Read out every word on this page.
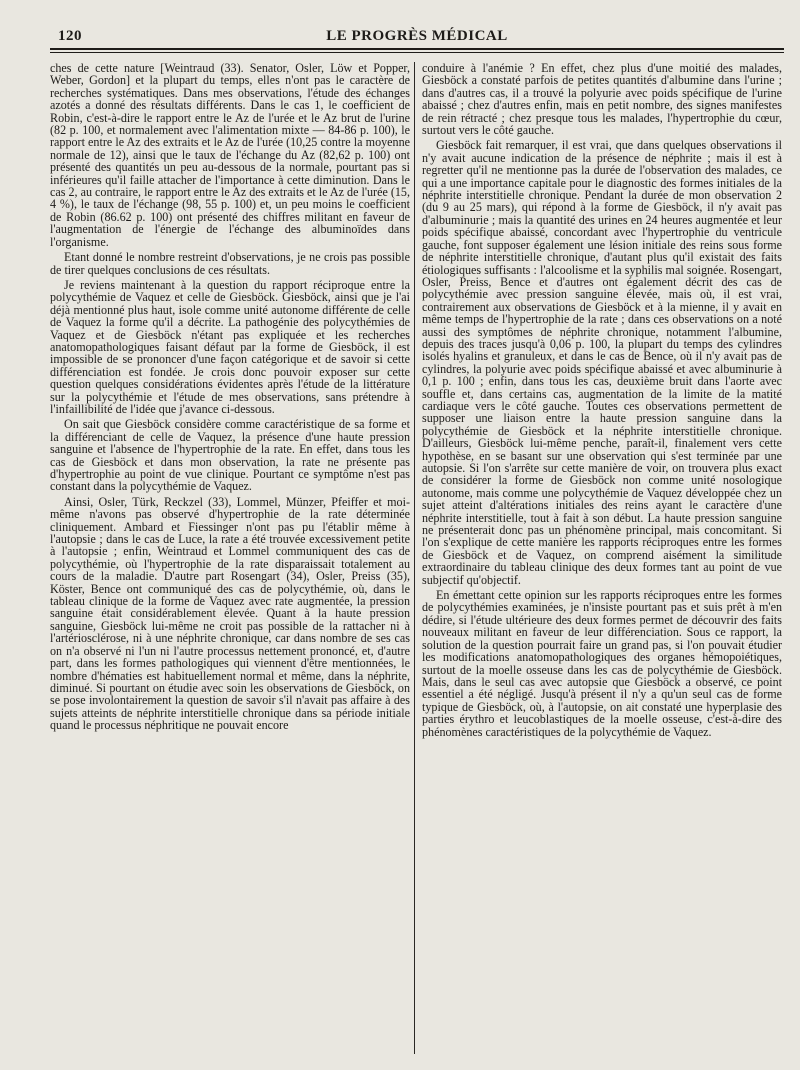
120	LE PROGRÈS MÉDICAL

ches de cette nature [Weintraud (33). Senator, Osler, Löw et Popper, Weber, Gordon] et la plupart du temps, elles n'ont pas le caractère de recherches systématiques. Dans mes observations, l'étude des échanges azotés a donné des résultats différents. Dans le cas 1, le coefficient de Robin, c'est-à-dire le rapport entre le Az de l'urée et le Az brut de l'urine (82 p. 100, et normalement avec l'alimentation mixte — 84-86 p. 100), le rapport entre le Az des extraits et le Az de l'urée (10,25 contre la moyenne normale de 12), ainsi que le taux de l'échange du Az (82,62 p. 100) ont présenté des quantités un peu au-dessous de la normale, pourtant pas si inférieures qu'il faille attacher de l'importance à cette diminution. Dans le cas 2, au contraire, le rapport entre le Az des extraits et le Az de l'urée (15, 4 %), le taux de l'échange (98, 55 p. 100) et, un peu moins le coefficient de Robin (86.62 p. 100) ont présenté des chiffres militant en faveur de l'augmentation de l'énergie de l'échange des albuminoïdes dans l'organisme.

Etant donné le nombre restreint d'observations, je ne crois pas possible de tirer quelques conclusions de ces résultats.

Je reviens maintenant à la question du rapport réciproque entre la polycythémie de Vaquez et celle de Giesböck. Giesböck, ainsi que je l'ai déjà mentionné plus haut, isole comme unité autonome différente de celle de Vaquez la forme qu'il a décrite. La pathogénie des polycythémies de Vaquez et de Giesböck n'étant pas expliquée et les recherches anatomopathologiques faisant défaut par la forme de Giesböck, il est impossible de se prononcer d'une façon catégorique et de savoir si cette différenciation est fondée. Je crois donc pouvoir exposer sur cette question quelques considérations évidentes après l'étude de la littérature sur la polycythémie et l'étude de mes observations, sans prétendre à l'infaillibilité de l'idée que j'avance ci-dessous.

On sait que Giesböck considère comme caractéristique de sa forme et la différenciant de celle de Vaquez, la présence d'une haute pression sanguine et l'absence de l'hypertrophie de la rate. En effet, dans tous les cas de Giesböck et dans mon observation, la rate ne présente pas d'hypertrophie au point de vue clinique. Pourtant ce symptôme n'est pas constant dans la polycythémie de Vaquez.

Ainsi, Osler, Türk, Reckzel (33), Lommel, Münzer, Pfeiffer et moi-même n'avons pas observé d'hypertrophie de la rate déterminée cliniquement. Ambard et Fiessinger n'ont pas pu l'établir même à l'autopsie ; dans le cas de Luce, la rate a été trouvée excessivement petite à l'autopsie ; enfin, Weintraud et Lommel communiquent des cas de polycythémie, où l'hypertrophie de la rate disparaissait totalement au cours de la maladie. D'autre part Rosengart (34), Osler, Preiss (35), Köster, Bence ont communiqué des cas de polycythémie, où, dans le tableau clinique de la forme de Vaquez avec rate augmentée, la pression sanguine était considérablement élevée. Quant à la haute pression sanguine, Giesböck lui-même ne croit pas possible de la rattacher ni à l'artériosclérose, ni à une néphrite chronique, car dans nombre de ses cas on n'a observé ni l'un ni l'autre processus nettement prononcé, et, d'autre part, dans les formes pathologiques qui viennent d'être mentionnées, le nombre d'hématies est habituellement normal et même, dans la néphrite, diminué. Si pourtant on étudie avec soin les observations de Giesböck, on se pose involontairement la question de savoir s'il n'avait pas affaire à des sujets atteints de néphrite interstitielle chronique dans sa période initiale quand le processus néphritique ne pouvait encore

conduire à l'anémie ? En effet, chez plus d'une moitié des malades, Giesböck a constaté parfois de petites quantités d'albumine dans l'urine ; dans d'autres cas, il a trouvé la polyurie avec poids spécifique de l'urine abaissé ; chez d'autres enfin, mais en petit nombre, des signes manifestes de rein rétracté ; chez presque tous les malades, l'hypertrophie du cœur, surtout vers le côté gauche.

Giesböck fait remarquer, il est vrai, que dans quelques observations il n'y avait aucune indication de la présence de néphrite ; mais il est à regretter qu'il ne mentionne pas la durée de l'observation des malades, ce qui a une importance capitale pour le diagnostic des formes initiales de la néphrite interstitielle chronique. Pendant la durée de mon observation 2 (du 9 au 25 mars), qui répond à la forme de Giesböck, il n'y avait pas d'albuminurie ; mais la quantité des urines en 24 heures augmentée et leur poids spécifique abaissé, concordant avec l'hypertrophie du ventricule gauche, font supposer également une lésion initiale des reins sous forme de néphrite interstitielle chronique, d'autant plus qu'il existait des faits étiologiques suffisants : l'alcoolisme et la syphilis mal soignée. Rosengart, Osler, Preiss, Bence et d'autres ont également décrit des cas de polycythémie avec pression sanguine élevée, mais où, il est vrai, contrairement aux observations de Giesböck et à la mienne, il y avait en même temps de l'hypertrophie de la rate ; dans ces observations on a noté aussi des symptômes de néphrite chronique, notamment l'albumine, depuis des traces jusqu'à 0,06 p. 100, la plupart du temps des cylindres isolés hyalins et granuleux, et dans le cas de Bence, où il n'y avait pas de cylindres, la polyurie avec poids spécifique abaissé et avec albuminurie à 0,1 p. 100 ; enfin, dans tous les cas, deuxième bruit dans l'aorte avec souffle et, dans certains cas, augmentation de la limite de la matité cardiaque vers le côté gauche. Toutes ces observations permettent de supposer une liaison entre la haute pression sanguine dans la polycythémie de Giesböck et la néphrite interstitielle chronique. D'ailleurs, Giesböck lui-même penche, paraît-il, finalement vers cette hypothèse, en se basant sur une observation qui s'est terminée par une autopsie. Si l'on s'arrête sur cette manière de voir, on trouvera plus exact de considérer la forme de Giesböck non comme unité nosologique autonome, mais comme une polycythémie de Vaquez développée chez un sujet atteint d'altérations initiales des reins ayant le caractère d'une néphrite interstitielle, tout à fait à son début. La haute pression sanguine ne présenterait donc pas un phénomène principal, mais concomitant. Si l'on s'explique de cette manière les rapports réciproques entre les formes de Giesböck et de Vaquez, on comprend aisément la similitude extraordinaire du tableau clinique des deux formes tant au point de vue subjectif qu'objectif.

En émettant cette opinion sur les rapports réciproques entre les formes de polycythémies examinées, je n'insiste pourtant pas et suis prêt à m'en dédire, si l'étude ultérieure des deux formes permet de découvrir des faits nouveaux militant en faveur de leur différenciation. Sous ce rapport, la solution de la question pourrait faire un grand pas, si l'on pouvait étudier les modifications anatomopathologiques des organes hémopoiétiques, surtout de la moelle osseuse dans les cas de polycythémie de Giesböck. Mais, dans le seul cas avec autopsie que Giesböck a observé, ce point essentiel a été négligé. Jusqu'à présent il n'y a qu'un seul cas de forme typique de Giesböck, où, à l'autopsie, on ait constaté une hyperplasie des parties érythro et leucoblastiques de la moelle osseuse, c'est-à-dire des phénomènes caractéristiques de la polycythémie de Vaquez.
